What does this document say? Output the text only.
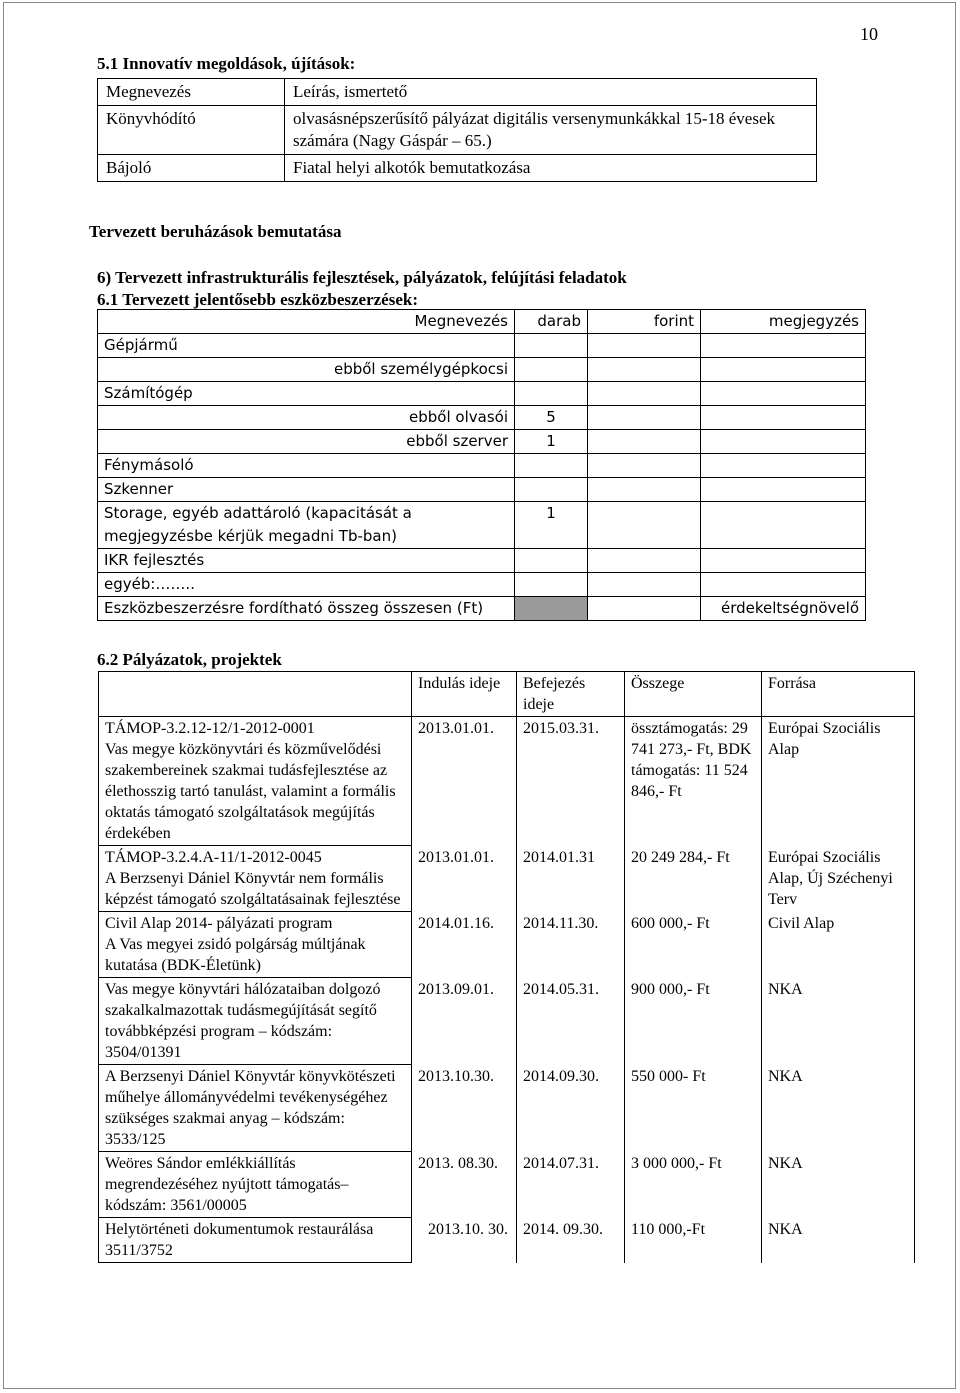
10
5.1 Innovatív megoldások, újítások:
Megnevezés	Leírás, ismertető
Könyvhódító	olvasásnépszerűsítő pályázat digitális versenymunkákkal 15-18 évesek számára (Nagy Gáspár – 65.)
Bájoló	Fiatal helyi alkotók bemutatkozása
Tervezett beruházások bemutatása
6) Tervezett infrastrukturális fejlesztések, pályázatok, felújítási feladatok
6.1 Tervezett jelentősebb eszközbeszerzések:
Megnevezés	darab	forint	megjegyzés
Gépjármű			
ebből személygépkocsi			
Számítógép			
ebből olvasói	5		
ebből szerver	1		
Fénymásoló			
Szkenner			
Storage, egyéb adattároló (kapacitását a megjegyzésbe kérjük megadni Tb-ban)	1		
IKR fejlesztés			
egyéb:……..			
Eszközbeszerzésre fordítható összeg összesen (Ft)			érdekeltségnövelő
6.2 Pályázatok, projektek
	Indulás ideje	Befejezés ideje	Összege	Forrása

TÁMOP-3.2.12-12/1-2012-0001
Vas megye közkönyvtári és közművelődési szakembereinek szakmai tudásfejlesztése az élethosszig tartó tanulást, valamint a formális oktatás támogató szolgáltatások megújítás érdekében	2013.01.01.	2015.03.31.	össztámogatás: 29 741 273,- Ft, BDK támogatás: 11 524 846,- Ft	Európai Szociális Alap

TÁMOP-3.2.4.A-11/1-2012-0045
A Berzsenyi Dániel Könyvtár nem formális képzést támogató szolgáltatásainak fejlesztése	2013.01.01.	2014.01.31	20 249 284,- Ft	Európai Szociális Alap, Új Széchenyi Terv

Civil Alap 2014- pályázati program
A Vas megyei zsidó polgárság múltjának kutatása (BDK-Életünk)	2014.01.16.	2014.11.30.	600 000,- Ft	Civil Alap
Vas megye könyvtári hálózataiban dolgozó szakalkalmazottak tudásmegújítását segítő továbbképzési program – kódszám: 3504/01391	2013.09.01.	2014.05.31.	900 000,- Ft	NKA
A Berzsenyi Dániel Könyvtár könyvkötészeti műhelye állományvédelmi tevékenységéhez szükséges szakmai anyag – kódszám: 3533/125	2013.10.30.	2014.09.30.	550 000- Ft	NKA
Weöres Sándor emlékkiállítás megrendezéséhez nyújtott támogatás– kódszám: 3561/00005	2013. 08.30.	2014.07.31.	3 000 000,- Ft	NKA
Helytörténeti dokumentumok restaurálása 3511/3752	2013.10. 30.	2014. 09.30.	110 000,-Ft	NKA
